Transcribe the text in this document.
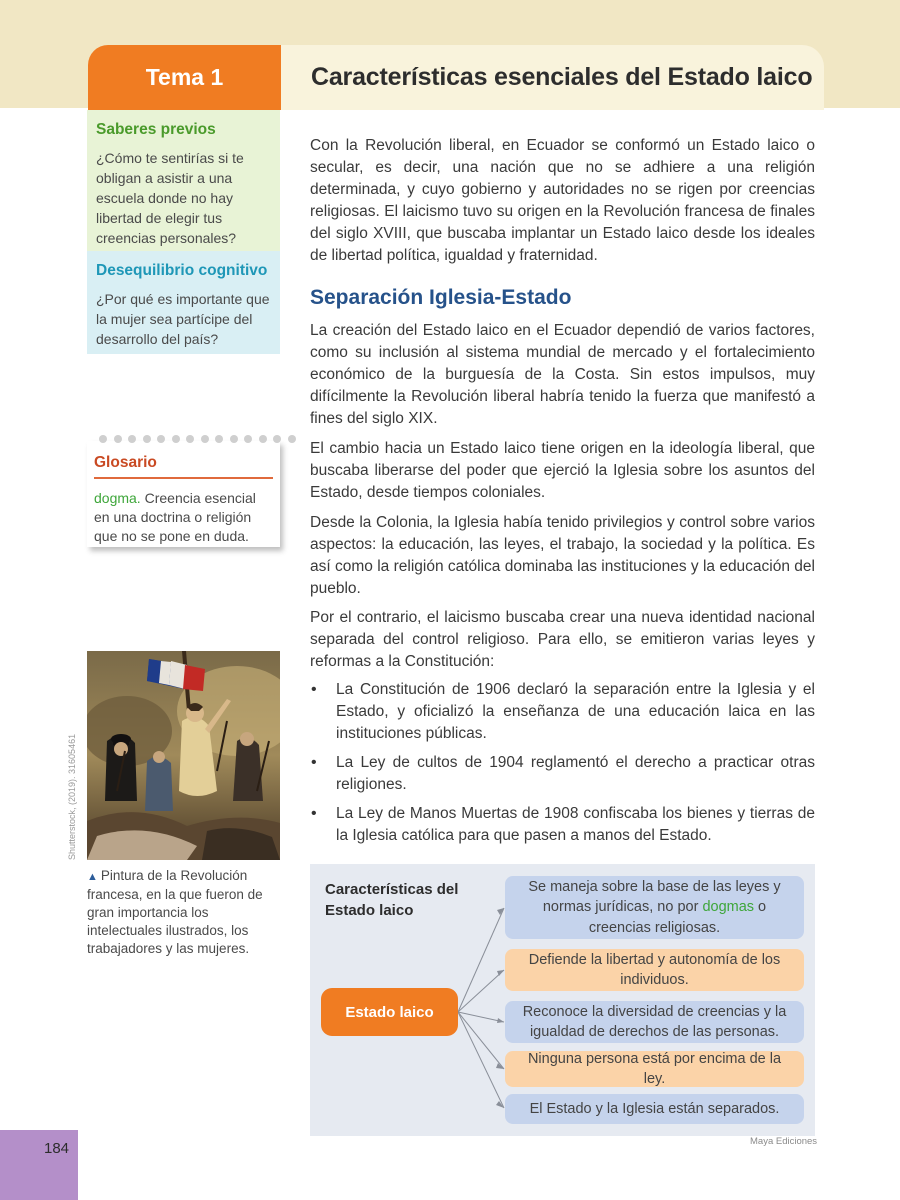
Tema 1	Características esenciales del Estado laico
Saberes previos

¿Cómo te sentirías si te obligan a asistir a una escuela donde no hay libertad de elegir tus creencias personales?

Desequilibrio cognitivo

¿Por qué es importante que la mujer sea partícipe del desarrollo del país?

Glosario

dogma. Creencia esencial en una doctrina o religión que no se pone en duda.

Shutterstock, (2019). 31605461
▲ Pintura de la Revolución francesa, en la que fueron de gran importancia los intelectuales ilustrados, los trabajadores y las mujeres.

Con la Revolución liberal, en Ecuador se conformó un Estado laico o secular, es decir, una nación que no se adhiere a una religión determinada, y cuyo gobierno y autoridades no se rigen por creencias religiosas. El laicismo tuvo su origen en la Revolución francesa de finales del siglo XVIII, que buscaba implantar un Estado laico desde los ideales de libertad política, igualdad y fraternidad.

Separación Iglesia-Estado

La creación del Estado laico en el Ecuador dependió de varios factores, como su inclusión al sistema mundial de mercado y el fortalecimiento económico de la burguesía de la Costa. Sin estos impulsos, muy difícilmente la Revolución liberal habría tenido la fuerza que manifestó a fines del siglo XIX.

El cambio hacia un Estado laico tiene origen en la ideología liberal, que buscaba liberarse del poder que ejerció la Iglesia sobre los asuntos del Estado, desde tiempos coloniales.

Desde la Colonia, la Iglesia había tenido privilegios y control sobre varios aspectos: la educación, las leyes, el trabajo, la sociedad y la política. Es así como la religión católica dominaba las instituciones y la educación del pueblo.

Por el contrario, el laicismo buscaba crear una nueva identidad nacional separada del control religioso. Para ello, se emitieron varias leyes y reformas a la Constitución:

• La Constitución de 1906 declaró la separación entre la Iglesia y el Estado, y oficializó la enseñanza de una educación laica en las instituciones públicas.
• La Ley de cultos de 1904 reglamentó el derecho a practicar otras religiones.
• La Ley de Manos Muertas de 1908 confiscaba los bienes y tierras de la Iglesia católica para que pasen a manos del Estado.
Características del
Estado laico
Estado laico
Se maneja sobre la base de las leyes y normas jurídicas, no por dogmas o creencias religiosas.
Defiende la libertad y autonomía de los individuos.
Reconoce la diversidad de creencias y la igualdad de derechos de las personas.
Ninguna persona está por encima de la ley.
El Estado y la Iglesia están separados.
184	Maya Ediciones
